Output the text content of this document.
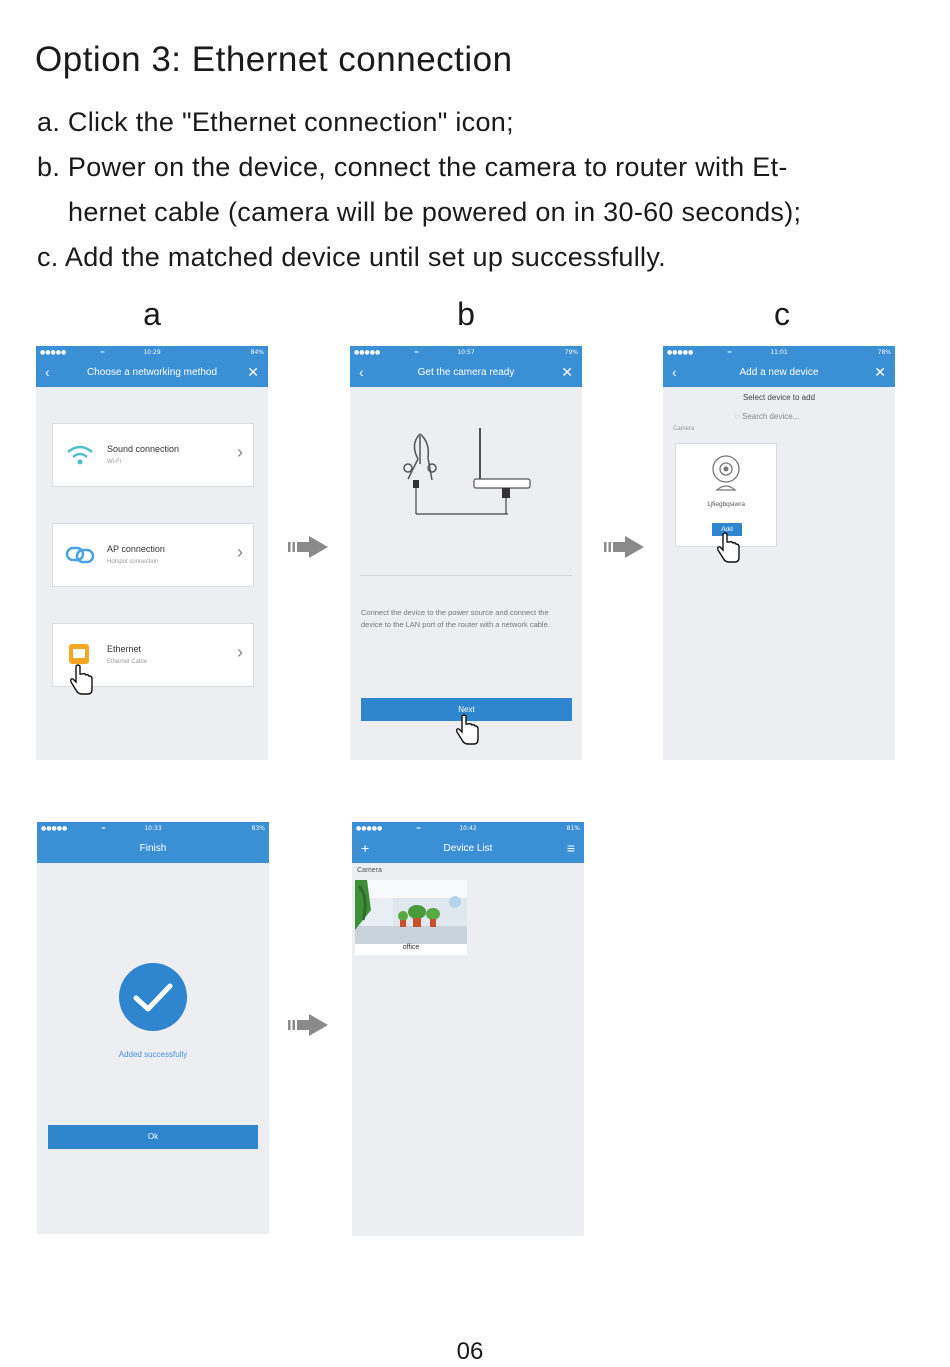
Option 3: Ethernet connection
a. Click the "Ethernet connection" icon;
b. Power on the device, connect the camera to router with Et-
hernet cable (camera will be powered on in 30-60 seconds);
c. Add the matched device until set up successfully.
a	b	c
●●●●●	≈	10:29	84%
‹	Choose a networking method	✕
Sound connection
Wi-Fi	›
AP connection
Hotspot connection	›
Ethernet
Ethernet Cable	›
●●●●●	≈	10:57	79%
‹	Get the camera ready	✕
Connect the device to the power source and connect the device to the LAN port of the router with a network cable.
Next
●●●●●	≈	11:01	78%
‹	Add a new device	✕
Select device to add
◌ Search device...
Camera
1jfiegbqsiwra
Add
●●●●●	≈	10:33	83%
Finish
Added successfully
Ok
●●●●●	≈	10:42	81%
+	Device List	≡
Camera
office
06
